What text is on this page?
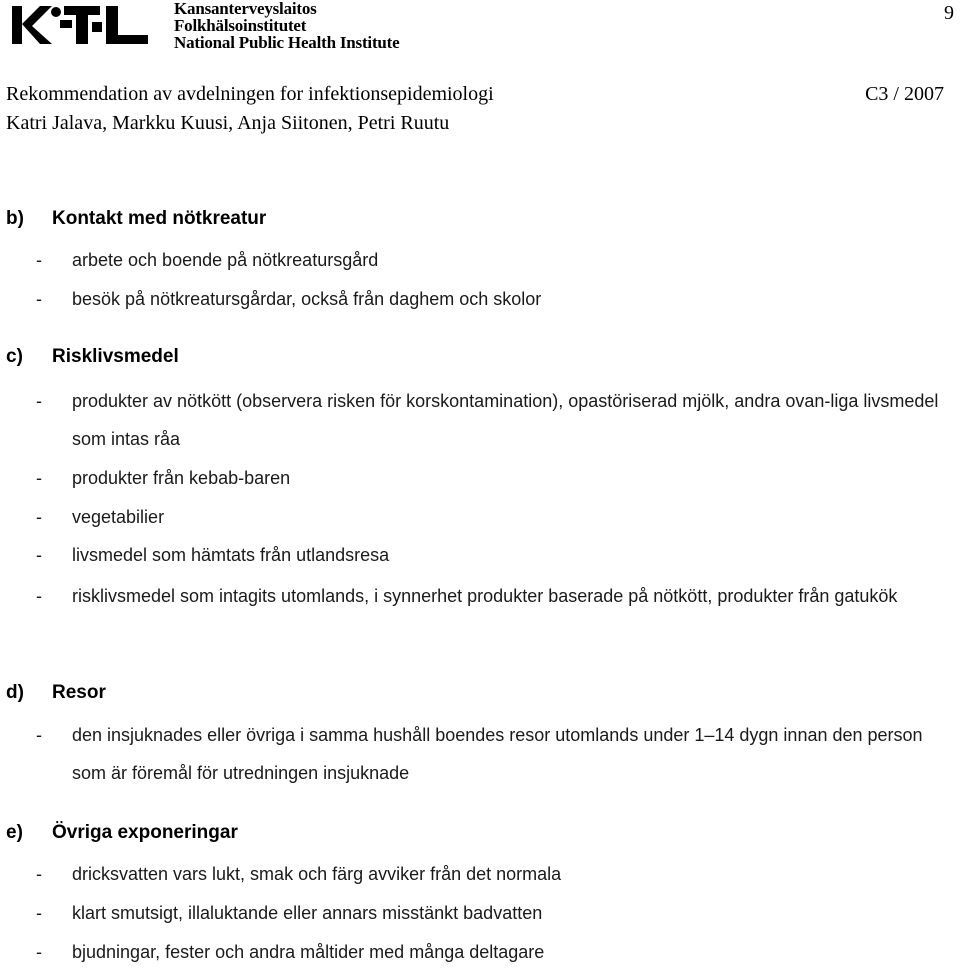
Kansanterveyslaitos
Folkhälsoinstitutet
National Public Health Institute
9
Rekommendation av avdelningen for infektionsepidemiologi	C3 / 2007
Katri Jalava, Markku Kuusi, Anja Siitonen, Petri Ruutu
b) Kontakt med nötkreatur
- arbete och boende på nötkreatursgård
- besök på nötkreatursgårdar, också från daghem och skolor
c) Risklivsmedel
- produkter av nötkött (observera risken för korskontamination), opastöriserad mjölk, andra ovan-liga livsmedel som intas råa
- produkter från kebab-baren
- vegetabilier
- livsmedel som hämtats från utlandsresa
- risklivsmedel som intagits utomlands, i synnerhet produkter baserade på nötkött, produkter från gatukök
d) Resor
- den insjuknades eller övriga i samma hushåll boendes resor utomlands under 1–14 dygn innan den person som är föremål för utredningen insjuknade
e) Övriga exponeringar
- dricksvatten vars lukt, smak och färg avviker från det normala
- klart smutsigt, illaluktande eller annars misstänkt badvatten
- bjudningar, fester och andra måltider med många deltagare
